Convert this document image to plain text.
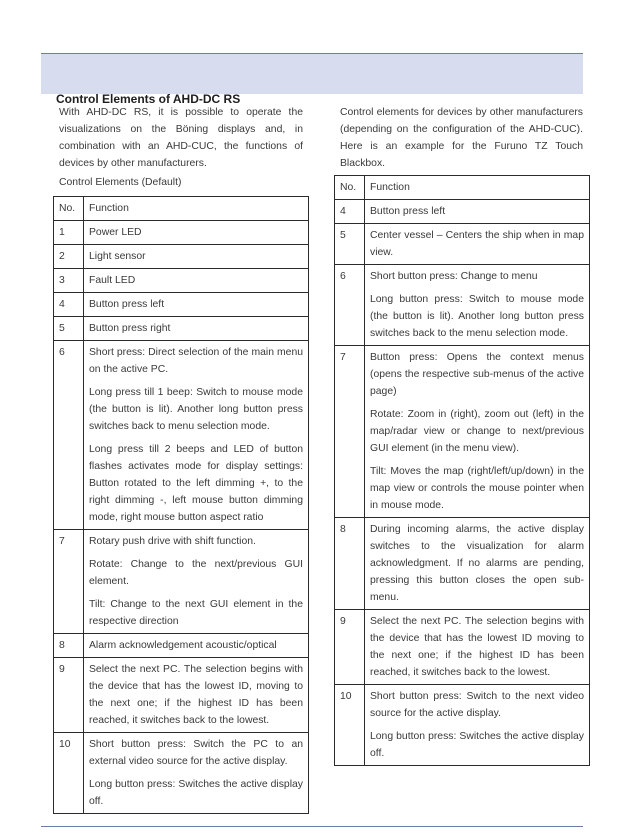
Control Elements of AHD-DC RS
With AHD-DC RS, it is possible to operate the visualizations on the Böning displays and, in combination with an AHD-CUC, the functions of devices by other manufacturers.
Control Elements (Default)
Control elements for devices by other manufacturers (depending on the configuration of the AHD-CUC). Here is an example for the Furuno TZ Touch Blackbox.
No.	Function
1	Power LED

2	Light sensor

3	Fault LED

4	Button press left

5	Button press right

6	Short press: Direct selection of the main menu on the active PC.

Long press till 1 beep: Switch to mouse mode (the button is lit). Another long button press switches back to menu selection mode.

Long press till 2 beeps and LED of button flashes activates mode for display settings: Button rotated to the left dimming +, to the right dimming -, left mouse button dimming mode, right mouse button aspect ratio

7	Rotary push drive with shift function.

Rotate: Change to the next/previous GUI element.

Tilt: Change to the next GUI element in the respective direction

8	Alarm acknowledgement acoustic/optical

9	Select the next PC. The selection begins with the device that has the lowest ID, moving to the next one; if the highest ID has been reached, it switches back to the lowest.

10	Short button press: Switch the PC to an external video source for the active display.

Long button press: Switches the active display off.

No.	Function
4	Button press left

5	Center vessel – Centers the ship when in map view.

6	Short button press: Change to menu

Long button press: Switch to mouse mode (the button is lit). Another long button press switches back to the menu selection mode.

7	Button press: Opens the context menus (opens the respective sub-menus of the active page)

Rotate: Zoom in (right), zoom out (left) in the map/radar view or change to next/previous GUI element (in the menu view).

Tilt: Moves the map (right/left/up/down) in the map view or controls the mouse pointer when in mouse mode.

8	During incoming alarms, the active display switches to the visualization for alarm acknowledgment. If no alarms are pending, pressing this button closes the open sub-menu.

9	Select the next PC. The selection begins with the device that has the lowest ID moving to the next one; if the highest ID has been reached, it switches back to the lowest.

10	Short button press: Switch to the next video source for the active display.

Long button press: Switches the active display off.
